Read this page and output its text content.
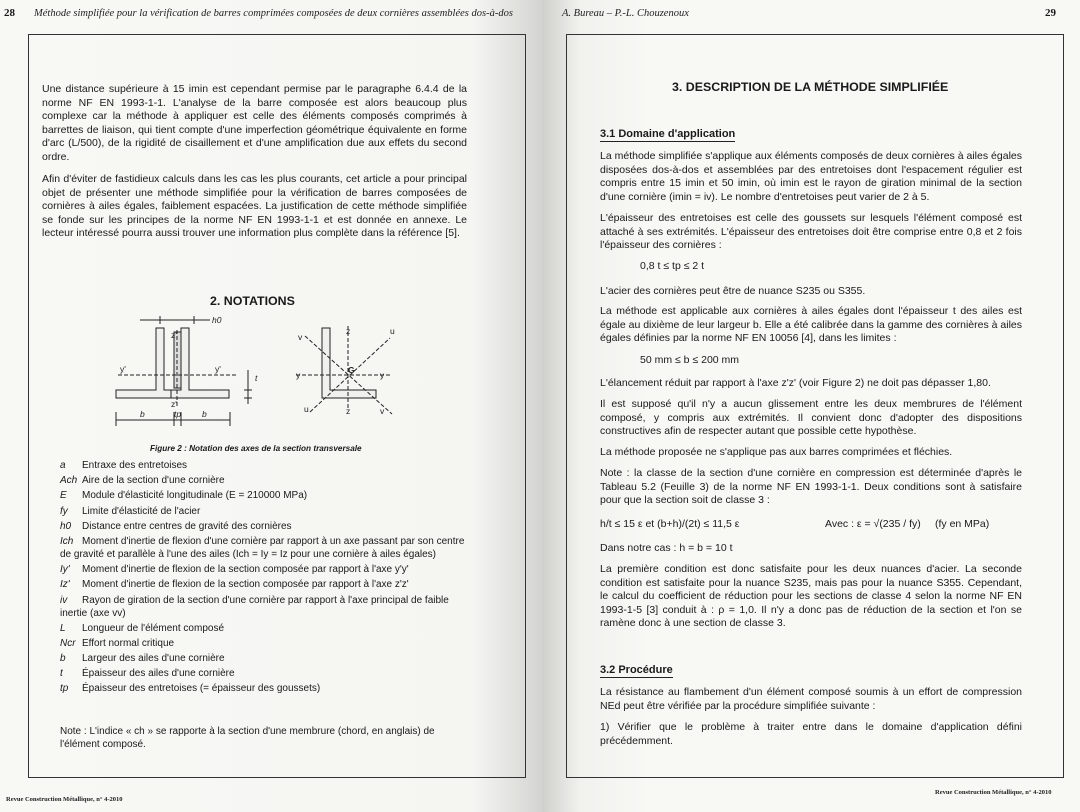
28 Méthode simplifiée pour la vérification de barres comprimées composées de deux cornières assemblées dos-à-dos
Une distance supérieure à 15 imin est cependant permise par le paragraphe 6.4.4 de la norme NF EN 1993-1-1. L'analyse de la barre composée est alors beaucoup plus complexe car la méthode à appliquer est celle des éléments composés comprimés à barrettes de liaison, qui tient compte d'une imperfection géométrique équivalente en forme d'arc (L/500), de la rigidité de cisaillement et d'une amplification due aux effets du second ordre.
Afin d'éviter de fastidieux calculs dans les cas les plus courants, cet article a pour principal objet de présenter une méthode simplifiée pour la vérification de barres composées de cornières à ailes égales, faiblement espacées. La justification de cette méthode simplifiée se fonde sur les principes de la norme NF EN 1993-1-1 et est donnée en annexe. Le lecteur intéressé pourra aussi trouver une information plus complète dans la référence [5].
2. NOTATIONS
h0
z'
z'
y'	y'
t
b	tp b
v
z	u
y	G	y
u	z	v
Figure 2 : Notation des axes de la section transversale
a Entraxe des entretoises
Ach Aire de la section d'une cornière
E Module d'élasticité longitudinale (E = 210000 MPa)
fy Limite d'élasticité de l'acier
h0 Distance entre centres de gravité des cornières
Ich Moment d'inertie de flexion d'une cornière par rapport à un axe passant par son centre de gravité et parallèle à l'une des ailes (Ich = Iy = Iz pour une cornière à ailes égales)
Iy' Moment d'inertie de flexion de la section composée par rapport à l'axe y'y'
Iz' Moment d'inertie de flexion de la section composée par rapport à l'axe z'z'
iv Rayon de giration de la section d'une cornière par rapport à l'axe principal de faible inertie (axe vv)
L Longueur de l'élément composé
Ncr Effort normal critique
b Largeur des ailes d'une cornière
t Épaisseur des ailes d'une cornière
tp Épaisseur des entretoises (= épaisseur des goussets)
Note : L'indice « ch » se rapporte à la section d'une membrure (chord, en anglais) de l'élément composé.
Revue Construction Métallique, n° 4-2010
A. Bureau – P.-L. Chouzenoux	29
3. DESCRIPTION DE LA MÉTHODE SIMPLIFIÉE
3.1 Domaine d'application
La méthode simplifiée s'applique aux éléments composés de deux cornières à ailes égales disposées dos-à-dos et assemblées par des entretoises dont l'espacement régulier est compris entre 15 imin et 50 imin, où imin est le rayon de giration minimal de la section d'une cornière (imin = iv). Le nombre d'entretoises peut varier de 2 à 5.
L'épaisseur des entretoises est celle des goussets sur lesquels l'élément composé est attaché à ses extrémités. L'épaisseur des entretoises doit être comprise entre 0,8 et 2 fois l'épaisseur des cornières :
0,8 t ≤ tp ≤ 2 t
L'acier des cornières peut être de nuance S235 ou S355.
La méthode est applicable aux cornières à ailes égales dont l'épaisseur t des ailes est égale au dixième de leur largeur b. Elle a été calibrée dans la gamme des cornières à ailes égales définies par la norme NF EN 10056 [4], dans les limites :
50 mm ≤ b ≤ 200 mm
L'élancement réduit par rapport à l'axe z'z' (voir Figure 2) ne doit pas dépasser 1,80.
Il est supposé qu'il n'y a aucun glissement entre les deux membrures de l'élément composé, y compris aux extrémités. Il convient donc d'adopter des dispositions constructives afin de respecter autant que possible cette hypothèse.
La méthode proposée ne s'applique pas aux barres comprimées et fléchies.
Note : la classe de la section d'une cornière en compression est déterminée d'après le Tableau 5.2 (Feuille 3) de la norme NF EN 1993-1-1. Deux conditions sont à satisfaire pour que la section soit de classe 3 :
h/t ≤ 15 ε et (b+h)/(2t) ≤ 11,5 ε	Avec : ε = √(235 / fy) (fy en MPa)
Dans notre cas : h = b = 10 t
La première condition est donc satisfaite pour les deux nuances d'acier. La seconde condition est satisfaite pour la nuance S235, mais pas pour la nuance S355. Cependant, le calcul du coefficient de réduction pour les sections de classe 4 selon la norme NF EN 1993-1-5 [3] conduit à : ρ = 1,0. Il n'y a donc pas de réduction de la section et l'on se ramène donc à une section de classe 3.
3.2 Procédure
La résistance au flambement d'un élément composé soumis à un effort de compression NEd peut être vérifiée par la procédure simplifiée suivante :
1) Vérifier que le problème à traiter entre dans le domaine d'application défini précédemment.
Revue Construction Métallique, n° 4-2010
